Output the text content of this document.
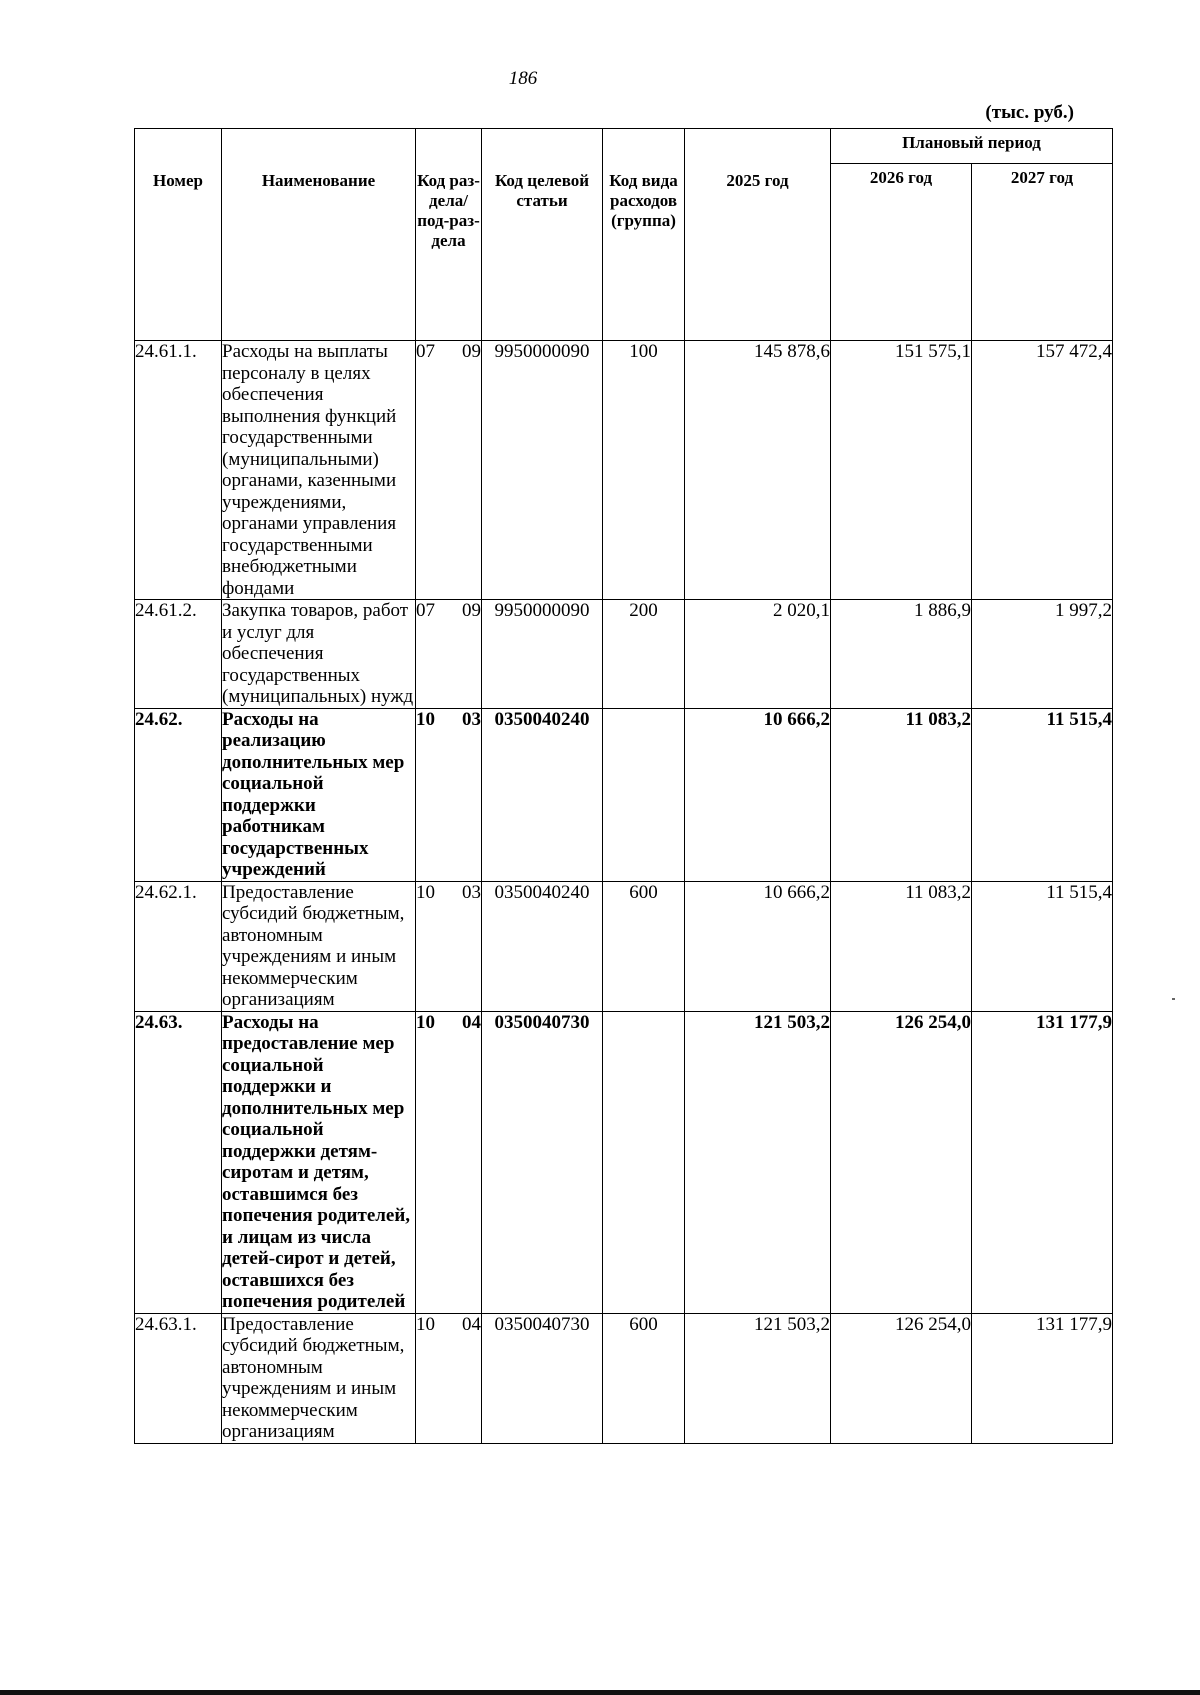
186
(тыс. руб.)
Номер	Наименование	Код раз-дела/ под-раз-дела	Код целевой статьи	Код вида расходов (группа)	2025 год	Плановый период	
						2026 год	2027 год
24.61.1.	Расходы на выплаты персоналу в целях обеспечения выполнения функций государственными (муниципальными) органами, казенными учреждениями, органами управления государственными внебюджетными фондами	07 09	9950000090	100	145 878,6	151 575,1	157 472,4
24.61.2.	Закупка товаров, работ и услуг для обеспечения государственных (муниципальных) нужд	07 09	9950000090	200	2 020,1	1 886,9	1 997,2
24.62.	Расходы на реализацию дополнительных мер социальной поддержки работникам государственных учреждений	10 03	0350040240		10 666,2	11 083,2	11 515,4
24.62.1.	Предоставление субсидий бюджетным, автономным учреждениям и иным некоммерческим организациям	10 03	0350040240	600	10 666,2	11 083,2	11 515,4
24.63.	Расходы на предоставление мер социальной поддержки и дополнительных мер социальной поддержки детям-сиротам и детям, оставшимся без попечения родителей, и лицам из числа детей-сирот и детей, оставшихся без попечения родителей	10 04	0350040730		121 503,2	126 254,0	131 177,9
24.63.1.	Предоставление субсидий бюджетным, автономным учреждениям и иным некоммерческим организациям	10 04	0350040730	600	121 503,2	126 254,0	131 177,9
